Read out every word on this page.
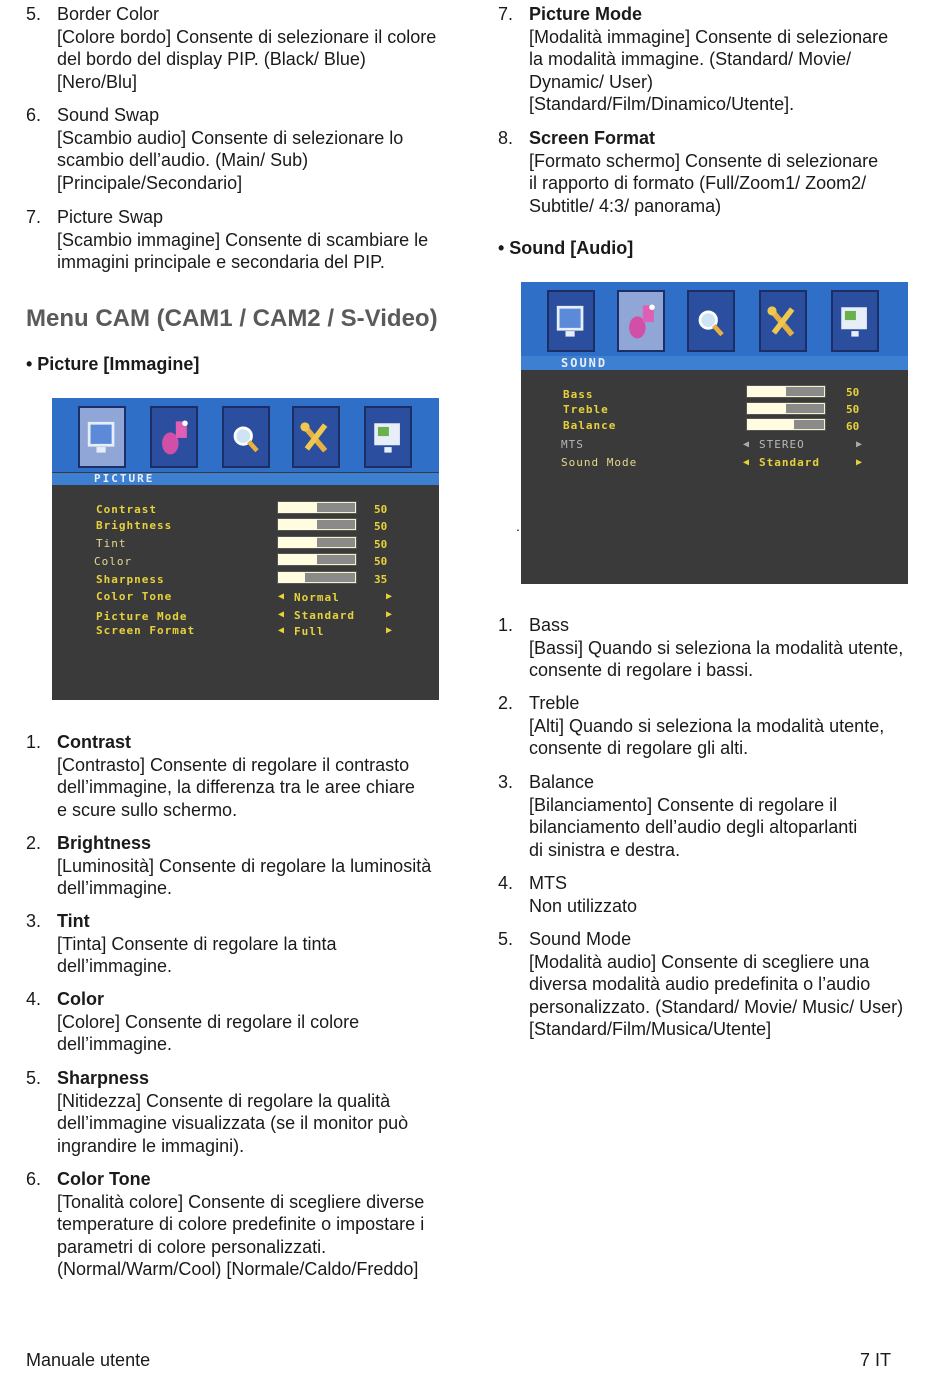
5. Border Color
[Colore bordo] Consente di selezionare il colore
del bordo del display PIP. (Black/ Blue)
[Nero/Blu]
6. Sound Swap
[Scambio audio] Consente di selezionare lo
scambio dell’audio. (Main/ Sub)
[Principale/Secondario]
7. Picture Swap
[Scambio immagine] Consente di scambiare le
immagini principale e secondaria del PIP.
Menu CAM (CAM1 / CAM2 / S-Video)
• Picture [Immagine]
PICTURE
Contrast	50
Brightness	50
Tint	50
Color	50
Sharpness	35
Color Tone	◀ Normal	▶
Picture Mode	◀ Standard	▶
Screen Format	◀ Full	▶
1. Contrast
[Contrasto] Consente di regolare il contrasto
dell’immagine, la differenza tra le aree chiare
e scure sullo schermo.
2. Brightness
[Luminosità] Consente di regolare la luminosità
dell’immagine.
3. Tint
[Tinta] Consente di regolare la tinta
dell’immagine.
4. Color
[Colore] Consente di regolare il colore
dell’immagine.
5. Sharpness
[Nitidezza] Consente di regolare la qualità
dell’immagine visualizzata (se il monitor può
ingrandire le immagini).
6. Color Tone
[Tonalità colore] Consente di scegliere diverse
temperature di colore predefinite o impostare i
parametri di colore personalizzati.
(Normal/Warm/Cool) [Normale/Caldo/Freddo]
7. Picture Mode
[Modalità immagine] Consente di selezionare
la modalità immagine. (Standard/ Movie/
Dynamic/ User)
[Standard/Film/Dinamico/Utente].
8. Screen Format
[Formato schermo] Consente di selezionare
il rapporto di formato (Full/Zoom1/ Zoom2/
Subtitle/ 4:3/ panorama)
• Sound [Audio]
SOUND
Bass	50
Treble	50
Balance	60
MTS	◀ STEREO	▶
Sound Mode	◀ Standard	▶
.
1. Bass
[Bassi] Quando si seleziona la modalità utente,
consente di regolare i bassi.
2. Treble
[Alti] Quando si seleziona la modalità utente,
consente di regolare gli alti.
3. Balance
[Bilanciamento] Consente di regolare il
bilanciamento dell’audio degli altoparlanti
di sinistra e destra.
4. MTS
Non utilizzato
5. Sound Mode
[Modalità audio] Consente di scegliere una
diversa modalità audio predefinita o l’audio
personalizzato. (Standard/ Movie/ Music/ User)
[Standard/Film/Musica/Utente]
Manuale utente	7 IT
